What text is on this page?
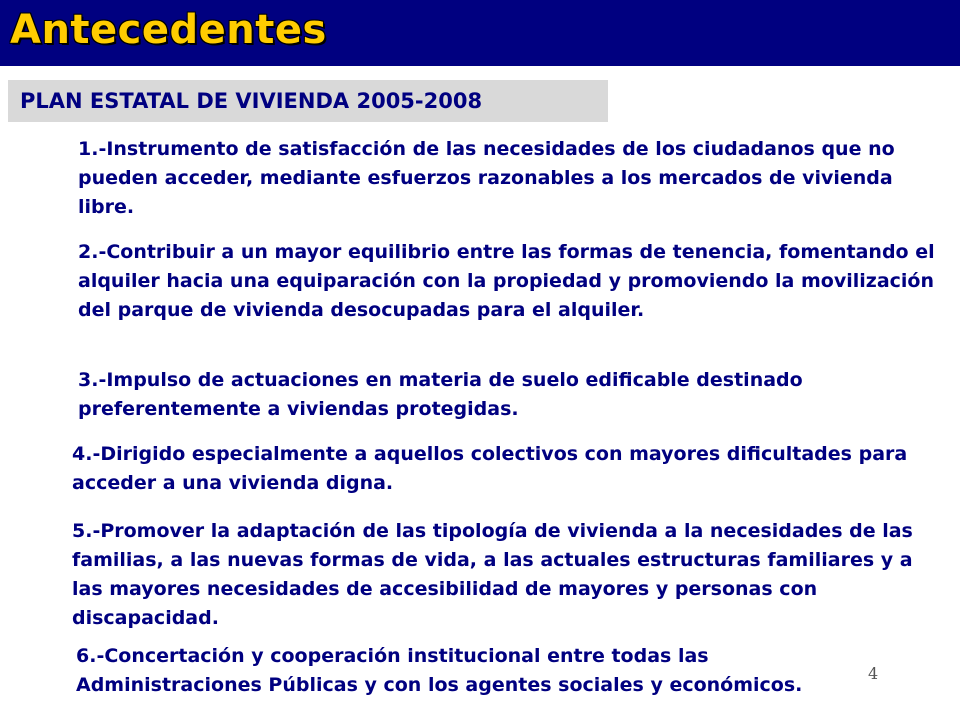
Antecedentes
PLAN ESTATAL DE VIVIENDA 2005-2008

1.-Instrumento de satisfacción de las necesidades de los ciudadanos que no pueden acceder, mediante esfuerzos razonables a los mercados de vivienda libre.

2.-Contribuir a un mayor equilibrio entre las formas de tenencia, fomentando el alquiler hacia una equiparación con la propiedad y promoviendo la movilización del parque de vivienda desocupadas para el alquiler.

3.-Impulso de actuaciones en materia de suelo edificable destinado preferentemente a viviendas protegidas.

4.-Dirigido especialmente a aquellos colectivos con mayores dificultades para acceder a una vivienda digna.

5.-Promover la adaptación de las tipología de vivienda a la necesidades de las familias, a las nuevas formas de vida, a las actuales estructuras familiares y a las mayores necesidades de accesibilidad de mayores y personas con discapacidad.

6.-Concertación y cooperación institucional entre todas las Administraciones Públicas y con los agentes sociales y económicos.

4
